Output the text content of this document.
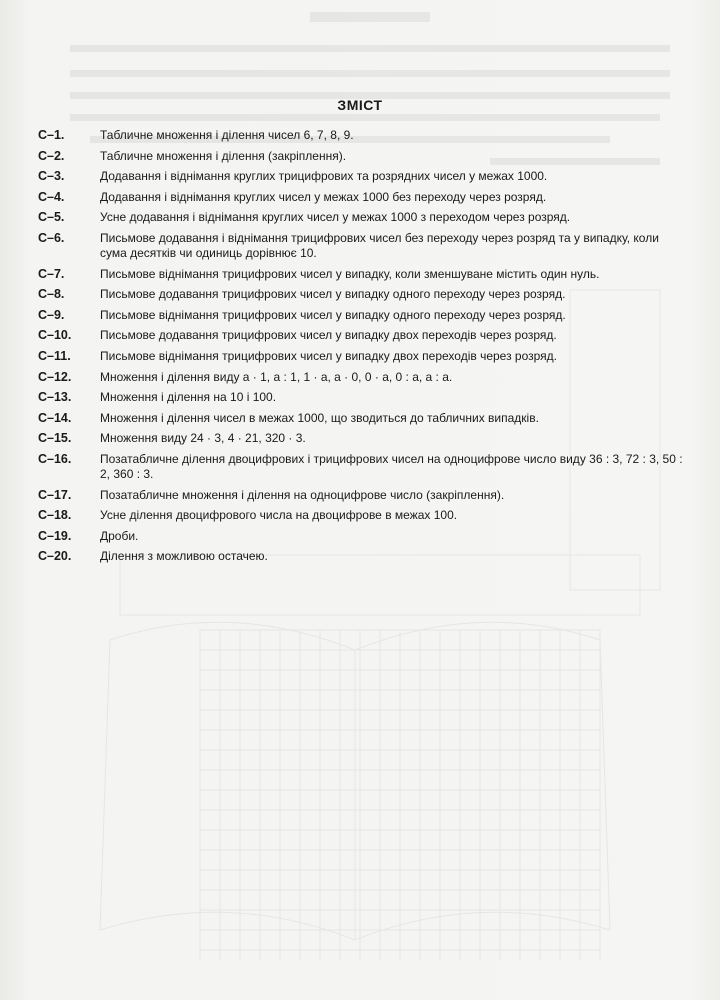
ЗМІСТ
С–1.	Табличне множення і ділення чисел 6, 7, 8, 9.
С–2.	Табличне множення і ділення (закріплення).
С–3.	Додавання і віднімання круглих трицифрових та розрядних чисел у межах 1000.
С–4.	Додавання і віднімання круглих чисел у межах 1000 без переходу через розряд.
С–5.	Усне додавання і віднімання круглих чисел у межах 1000 з переходом через розряд.
С–6.	Письмове додавання і віднімання трицифрових чисел без переходу через розряд та у випадку, коли сума десятків чи одиниць дорівнює 10.
С–7.	Письмове віднімання трицифрових чисел у випадку, коли зменшуване містить один нуль.
С–8.	Письмове додавання трицифрових чисел у випадку одного переходу через розряд.
С–9.	Письмове віднімання трицифрових чисел у випадку одного переходу через розряд.
С–10.	Письмове додавання трицифрових чисел у випадку двох переходів через розряд.
С–11.	Письмове віднімання трицифрових чисел у випадку двох переходів через розряд.
С–12.	Множення і ділення виду a · 1, a : 1, 1 · a, a · 0, 0 · a, 0 : a, a : a.
С–13.	Множення і ділення на 10 і 100.
С–14.	Множення і ділення чисел в межах 1000, що зводиться до табличних випадків.
С–15.	Множення виду 24 · 3, 4 · 21, 320 · 3.
С–16.	Позатабличне ділення двоцифрових і трицифрових чисел на одноцифрове число виду 36 : 3, 72 : 3, 50 : 2, 360 : 3.
С–17.	Позатабличне множення і ділення на одноцифрове число (закріплення).
С–18.	Усне ділення двоцифрового числа на двоцифрове в межах 100.
С–19.	Дроби.
С–20.	Ділення з можливою остачею.
